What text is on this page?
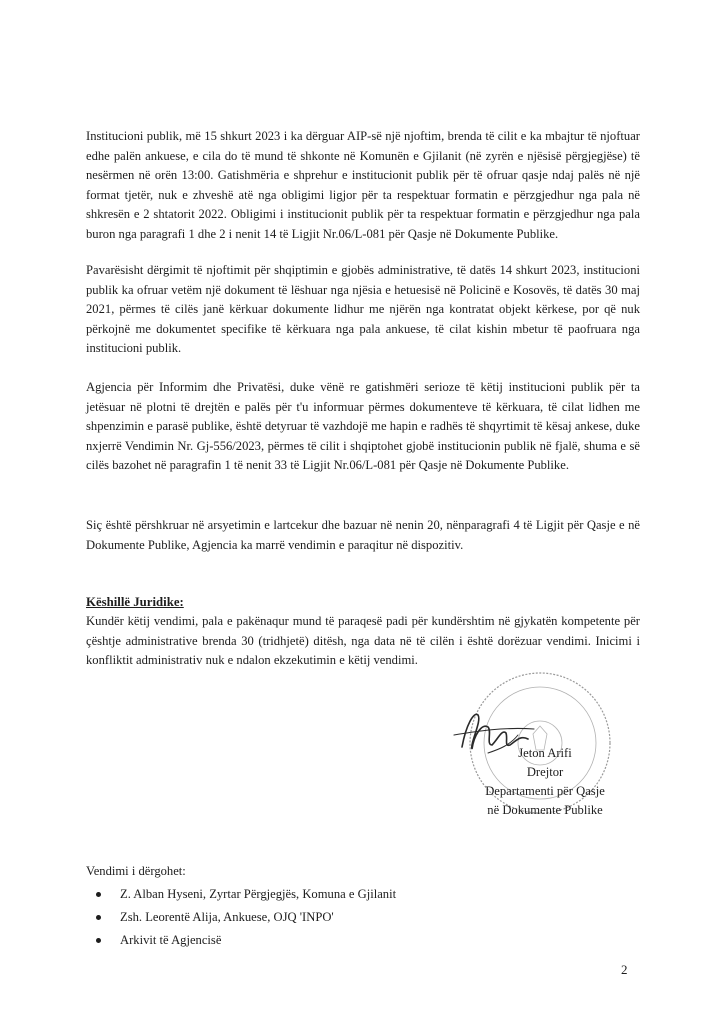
Institucioni publik, më 15 shkurt 2023 i ka dërguar AIP-së një njoftim, brenda të cilit e ka mbajtur të njoftuar edhe palën ankuese, e cila do të mund të shkonte në Komunën e Gjilanit (në zyrën e njësisë përgjegjëse) të nesërmen në orën 13:00. Gatishmëria e shprehur e institucionit publik për të ofruar qasje ndaj palës në një format tjetër, nuk e zhveshë atë nga obligimi ligjor për ta respektuar formatin e përzgjedhur nga pala në shkresën e 2 shtatorit 2022. Obligimi i institucionit publik për ta respektuar formatin e përzgjedhur nga pala buron nga paragrafi 1 dhe 2 i nenit 14 të Ligjit Nr.06/L-081 për Qasje në Dokumente Publike.

Pavarësisht dërgimit të njoftimit për shqiptimin e gjobës administrative, të datës 14 shkurt 2023, institucioni publik ka ofruar vetëm një dokument të lëshuar nga njësia e hetuesisë në Policinë e Kosovës, të datës 30 maj 2021, përmes të cilës janë kërkuar dokumente lidhur me njërën nga kontratat objekt kërkese, por që nuk përkojnë me dokumentet specifike të kërkuara nga pala ankuese, të cilat kishin mbetur të paofruara nga institucioni publik.

Agjencia për Informim dhe Privatësi, duke vënë re gatishmëri serioze të këtij institucioni publik për ta jetësuar në plotni të drejtën e palës për t'u informuar përmes dokumenteve të kërkuara, të cilat lidhen me shpenzimin e parasë publike, është detyruar të vazhdojë me hapin e radhës të shqyrtimit të kësaj ankese, duke nxjerrë Vendimin Nr. Gj-556/2023, përmes të cilit i shqiptohet gjobë institucionin publik në fjalë, shuma e së cilës bazohet në paragrafin 1 të nenit 33 të Ligjit Nr.06/L-081 për Qasje në Dokumente Publike.

Siç është përshkruar në arsyetimin e lartcekur dhe bazuar në nenin 20, nënparagrafi 4 të Ligjit për Qasje e në Dokumente Publike, Agjencia ka marrë vendimin e paraqitur në dispozitiv.

Këshillë Juridike:

Kundër këtij vendimi, pala e pakënaqur mund të paraqesë padi për kundërshtim në gjykatën kompetente për çështje administrative brenda 30 (tridhjetë) ditësh, nga data në të cilën i është dorëzuar vendimi. Inicimi i konfliktit administrativ nuk e ndalon ekzekutimin e këtij vendimi.

Jeton Arifi
Drejtor
Departamenti për Qasje
në Dokumente Publike
Vendimi i dërgohet:
Z. Alban Hyseni, Zyrtar Përgjegjës, Komuna e Gjilanit
Zsh. Leorentë Alija, Ankuese, OJQ 'INPO'
Arkivit të Agjencisë
2
